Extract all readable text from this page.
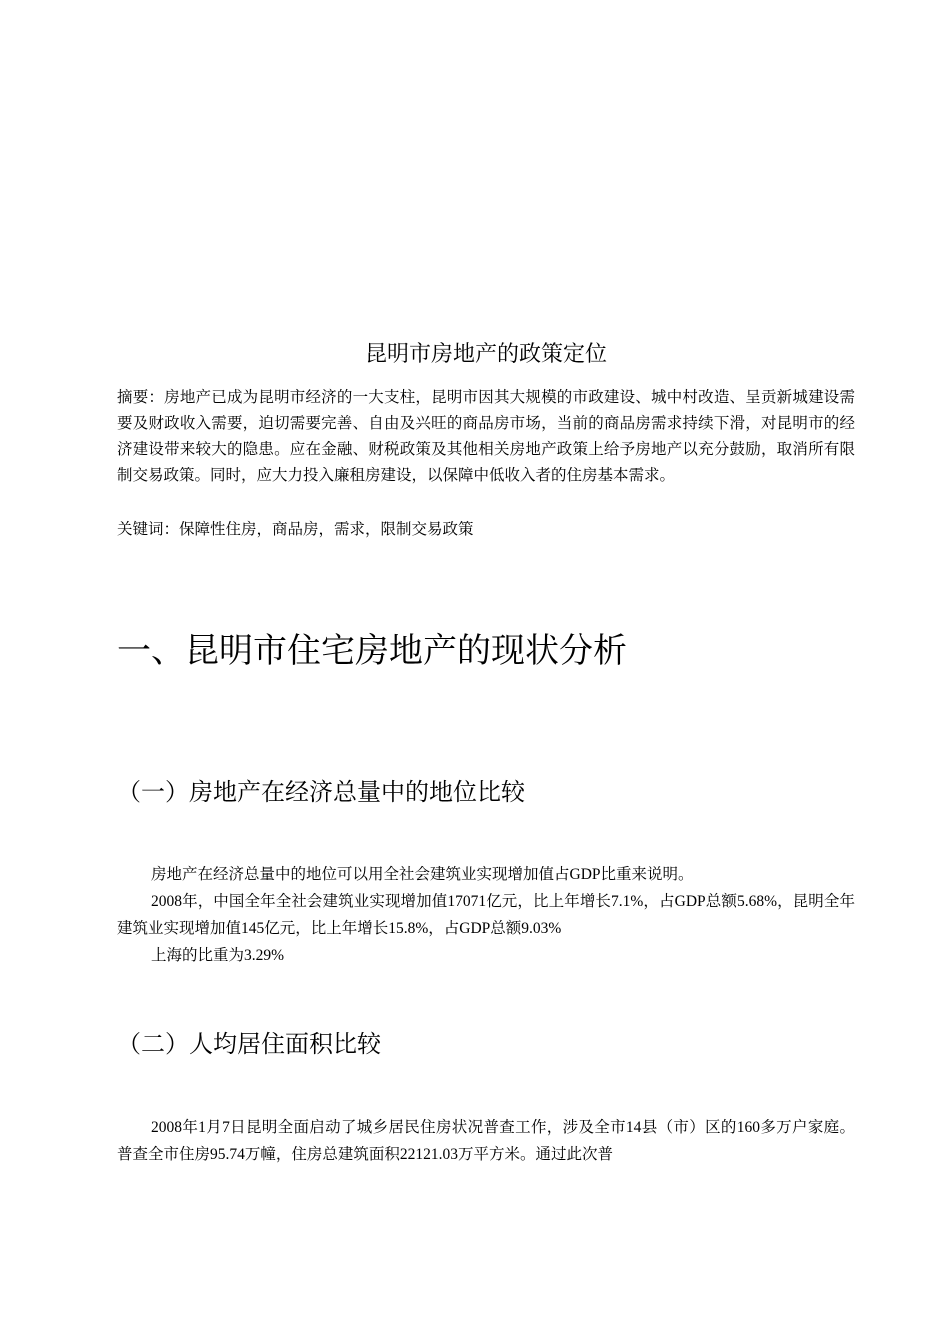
昆明市房地产的政策定位

摘要：房地产已成为昆明市经济的一大支柱，昆明市因其大规模的市政建设、城中村改造、呈贡新城建设需要及财政收入需要，迫切需要完善、自由及兴旺的商品房市场，当前的商品房需求持续下滑，对昆明市的经济建设带来较大的隐患。应在金融、财税政策及其他相关房地产政策上给予房地产以充分鼓励，取消所有限制交易政策。同时，应大力投入廉租房建设，以保障中低收入者的住房基本需求。

关键词：保障性住房，商品房，需求，限制交易政策

一、昆明市住宅房地产的现状分析
（一）房地产在经济总量中的地位比较

房地产在经济总量中的地位可以用全社会建筑业实现增加值占GDP比重来说明。

2008年，中国全年全社会建筑业实现增加值17071亿元，比上年增长7.1%，占GDP总额5.68%，昆明全年建筑业实现增加值145亿元，比上年增长15.8%，占GDP总额9.03%

上海的比重为3.29%

（二）人均居住面积比较

2008年1月7日昆明全面启动了城乡居民住房状况普查工作，涉及全市14县（市）区的160多万户家庭。普查全市住房95.74万幢，住房总建筑面积22121.03万平方米。通过此次普
